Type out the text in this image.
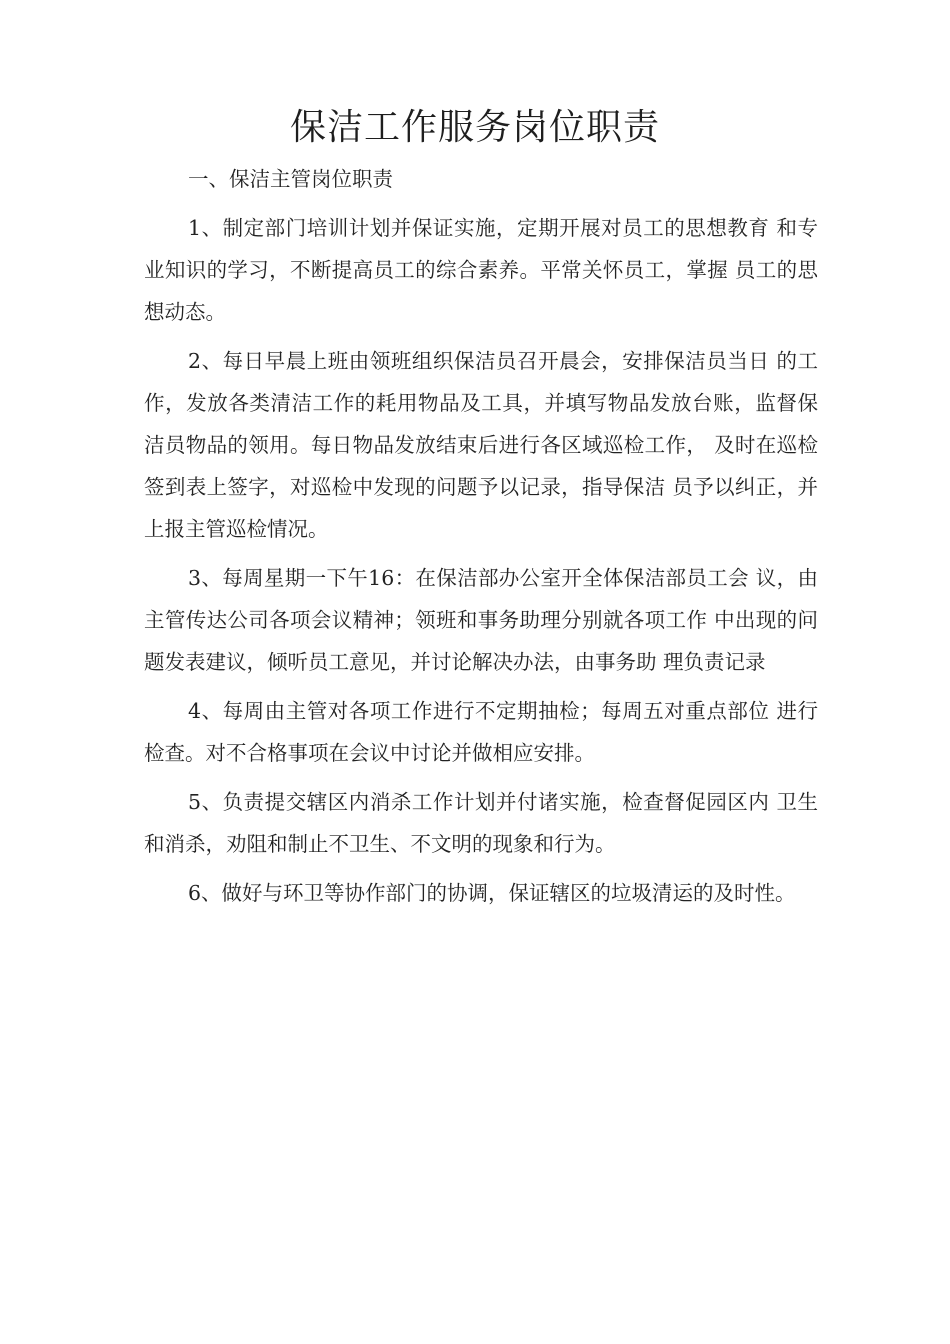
保洁工作服务岗位职责

一、保洁主管岗位职责

1、制定部门培训计划并保证实施，定期开展对员工的思想教育 和专业知识的学习，不断提高员工的综合素养。平常关怀员工，掌握 员工的思想动态。

2、每日早晨上班由领班组织保洁员召开晨会，安排保洁员当日 的工作，发放各类清洁工作的耗用物品及工具，并填写物品发放台账，监督保洁员物品的领用。每日物品发放结束后进行各区域巡检工作， 及时在巡检签到表上签字，对巡检中发现的问题予以记录，指导保洁 员予以纠正，并上报主管巡检情况。

3、每周星期一下午16：在保洁部办公室开全体保洁部员工会 议，由主管传达公司各项会议精神；领班和事务助理分别就各项工作 中出现的问题发表建议，倾听员工意见，并讨论解决办法，由事务助 理负责记录

4、每周由主管对各项工作进行不定期抽检；每周五对重点部位 进行检查。对不合格事项在会议中讨论并做相应安排。

5、负责提交辖区内消杀工作计划并付诸实施，检查督促园区内 卫生和消杀，劝阻和制止不卫生、不文明的现象和行为。

6、做好与环卫等协作部门的协调，保证辖区的垃圾清运的及时性。
